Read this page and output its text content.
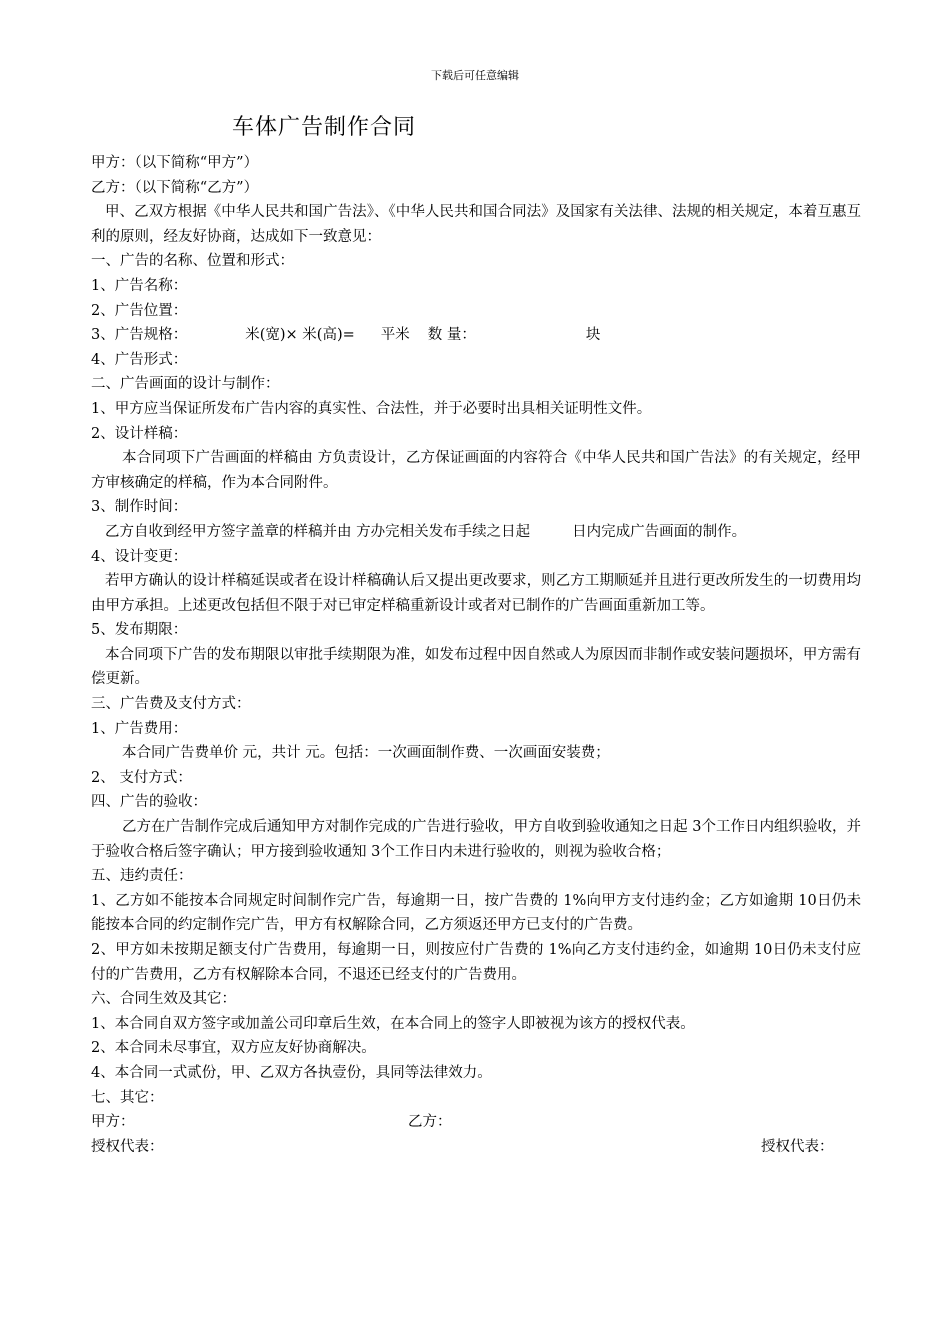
下载后可任意编辑
车体广告制作合同
甲方：（以下简称“甲方”）
乙方：（以下简称“乙方”）
甲、乙双方根据《中华人民共和国广告法》、《中华人民共和国合同法》及国家有关法律、法规的相关规定，本着互惠互利的原则，经友好协商，达成如下一致意见：
一、广告的名称、位置和形式：
1、广告名称：
2、广告位置：
3、广告规格：	米(宽)× 米(高)= 平米 数 量：	块
4、广告形式：
二、广告画面的设计与制作：
1、甲方应当保证所发布广告内容的真实性、合法性，并于必要时出具相关证明性文件。
2、设计样稿：
本合同项下广告画面的样稿由 方负责设计，乙方保证画面的内容符合《中华人民共和国广告法》的有关规定，经甲方审核确定的样稿，作为本合同附件。
3、制作时间：
乙方自收到经甲方签字盖章的样稿并由 方办完相关发布手续之日起	日内完成广告画面的制作。
4、设计变更：
若甲方确认的设计样稿延误或者在设计样稿确认后又提出更改要求，则乙方工期顺延并且进行更改所发生的一切费用均由甲方承担。上述更改包括但不限于对已审定样稿重新设计或者对已制作的广告画面重新加工等。
5、发布期限：
本合同项下广告的发布期限以审批手续期限为准，如发布过程中因自然或人为原因而非制作或安装问题损坏，甲方需有偿更新。
三、广告费及支付方式：
1、广告费用：
本合同广告费单价 元，共计 元。包括：一次画面制作费、一次画面安装费；
2、 支付方式：
四、广告的验收：
乙方在广告制作完成后通知甲方对制作完成的广告进行验收，甲方自收到验收通知之日起 3个工作日内组织验收，并于验收合格后签字确认；甲方接到验收通知 3个工作日内未进行验收的，则视为验收合格；
五、违约责任：
1、乙方如不能按本合同规定时间制作完广告，每逾期一日，按广告费的 1%向甲方支付违约金；乙方如逾期 10日仍未能按本合同的约定制作完广告，甲方有权解除合同，乙方须返还甲方已支付的广告费。
2、甲方如未按期足额支付广告费用，每逾期一日，则按应付广告费的 1%向乙方支付违约金，如逾期 10日仍未支付应付的广告费用，乙方有权解除本合同，不退还已经支付的广告费用。
六、合同生效及其它：
1、本合同自双方签字或加盖公司印章后生效，在本合同上的签字人即被视为该方的授权代表。
2、本合同未尽事宜，双方应友好协商解决。
4、本合同一式贰份，甲、乙双方各执壹份，具同等法律效力。
七、其它：
甲方：	乙方：
授权代表：	授权代表：
